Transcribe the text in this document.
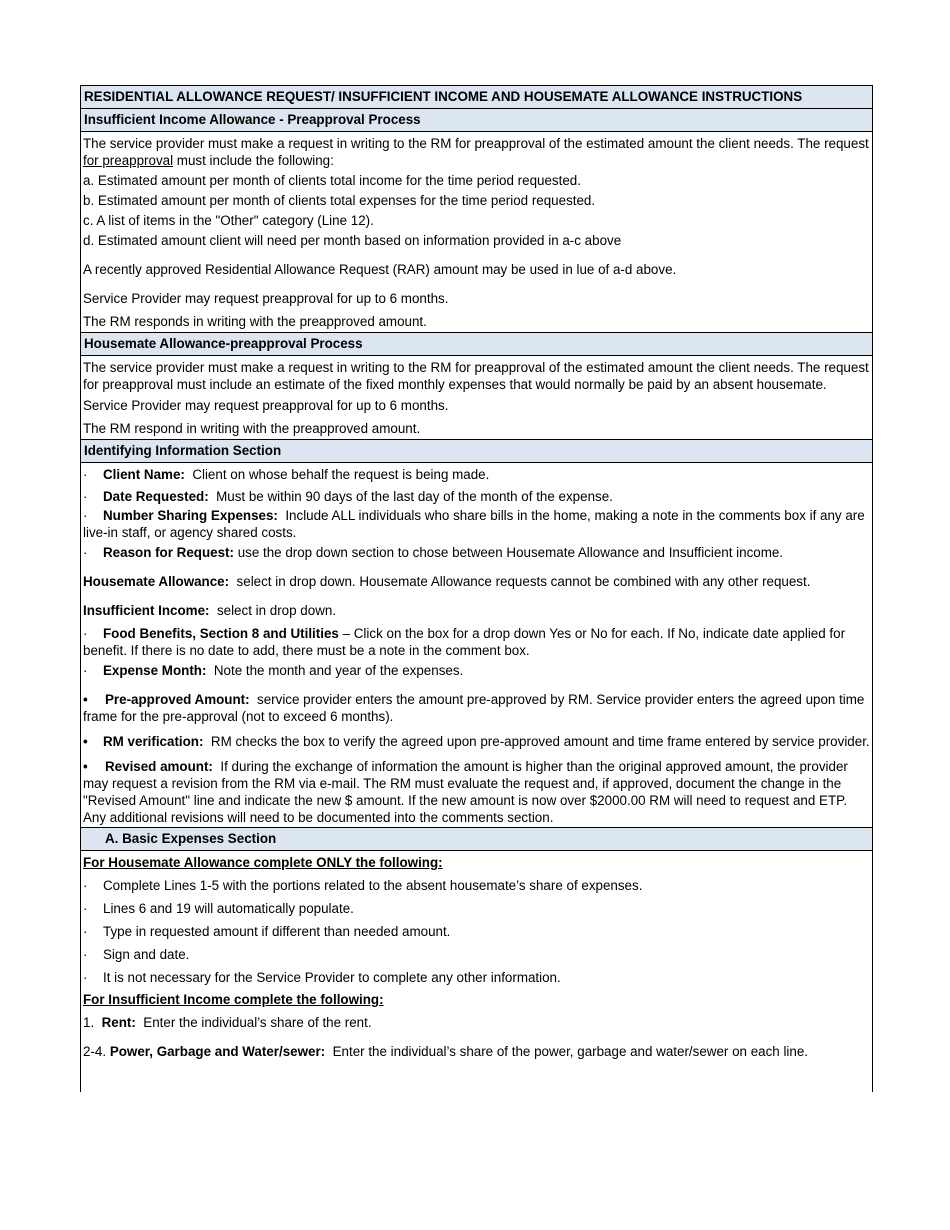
RESIDENTIAL ALLOWANCE REQUEST/ INSUFFICIENT INCOME AND HOUSEMATE ALLOWANCE INSTRUCTIONS
Insufficient Income Allowance - Preapproval Process
The service provider must make a request in writing to the RM for preapproval of the estimated amount the client needs. The request for preapproval must include the following:
a. Estimated amount per month of clients total income for the time period requested.
b. Estimated amount per month of clients total expenses for the time period requested.
c. A list of items in the "Other" category (Line 12).
d. Estimated amount client will need per month based on information provided in a-c above
A recently approved Residential Allowance Request (RAR) amount may be used in lue of a-d above.
Service Provider may request preapproval for up to 6 months.
The RM responds in writing with the preapproved amount.
Housemate Allowance-preapproval Process
The service provider must make a request in writing to the RM for preapproval of the estimated amount the client needs. The request for preapproval must include an estimate of the fixed monthly expenses that would normally be paid by an absent housemate.
Service Provider may request preapproval for up to 6 months.
The RM respond in writing with the preapproved amount.
Identifying Information Section
· Client Name: Client on whose behalf the request is being made.
· Date Requested: Must be within 90 days of the last day of the month of the expense.
· Number Sharing Expenses: Include ALL individuals who share bills in the home, making a note in the comments box if any are live-in staff, or agency shared costs.
· Reason for Request: use the drop down section to chose between Housemate Allowance and Insufficient income.
Housemate Allowance: select in drop down. Housemate Allowance requests cannot be combined with any other request.
Insufficient Income: select in drop down.
· Food Benefits, Section 8 and Utilities – Click on the box for a drop down Yes or No for each. If No, indicate date applied for benefit. If there is no date to add, there must be a note in the comment box.
· Expense Month: Note the month and year of the expenses.
• Pre-approved Amount: service provider enters the amount pre-approved by RM. Service provider enters the agreed upon time frame for the pre-approval (not to exceed 6 months).
• RM verification: RM checks the box to verify the agreed upon pre-approved amount and time frame entered by service provider.
• Revised amount: If during the exchange of information the amount is higher than the original approved amount, the provider may request a revision from the RM via e-mail. The RM must evaluate the request and, if approved, document the change in the "Revised Amount" line and indicate the new $ amount. If the new amount is now over $2000.00 RM will need to request and ETP. Any additional revisions will need to be documented into the comments section.
A. Basic Expenses Section
For Housemate Allowance complete ONLY the following:
· Complete Lines 1-5 with the portions related to the absent housemate’s share of expenses.
· Lines 6 and 19 will automatically populate.
· Type in requested amount if different than needed amount.
· Sign and date.
· It is not necessary for the Service Provider to complete any other information.
For Insufficient Income complete the following:
1. Rent: Enter the individual’s share of the rent.
2-4. Power, Garbage and Water/sewer: Enter the individual’s share of the power, garbage and water/sewer on each line.
